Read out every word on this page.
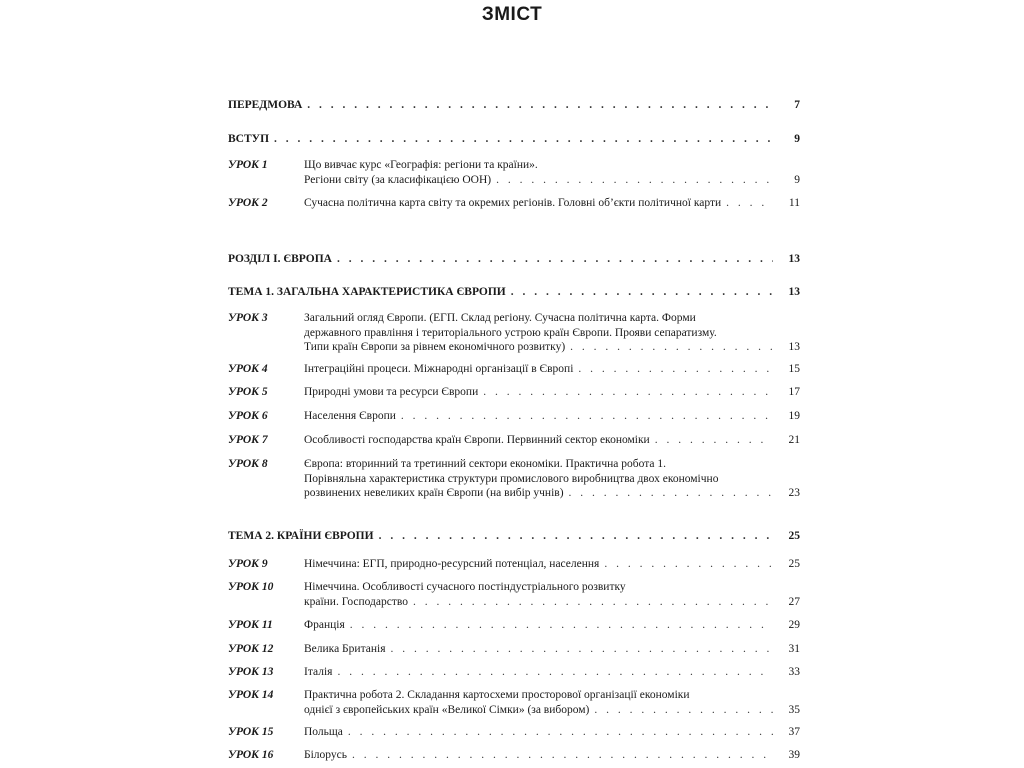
ЗМІСТ
ПЕРЕДМОВА . . .	7
ВСТУП . . .	9
УРОК 1	Що вивчає курс «Географія: регіони та країни».
Регіони світу (за класифікацією ООН) . . .	9
УРОК 2	Сучасна політична карта світу та окремих регіонів. Головні об’єкти політичної карти . . .	11
РОЗДІЛ І. ЄВРОПА . . .	13
ТЕМА 1. ЗАГАЛЬНА ХАРАКТЕРИСТИКА ЄВРОПИ . . .	13
УРОК 3	Загальний огляд Європи. (ЕГП. Склад регіону. Сучасна політична карта. Форми
державного правління і територіального устрою країн Європи. Прояви сепаратизму.
Типи країн Європи за рівнем економічного розвитку) . . .	13
УРОК 4	Інтеграційні процеси. Міжнародні організації в Європі . . .	15
УРОК 5	Природні умови та ресурси Європи . . .	17
УРОК 6	Населення Європи . . .	19
УРОК 7	Особливості господарства країн Європи. Первинний сектор економіки . . .	21
УРОК 8	Європа: вторинний та третинний сектори економіки. Практична робота 1.
Порівняльна характеристика структури промислового виробництва двох економічно
розвинених невеликих країн Європи (на вибір учнів) . . .	23
ТЕМА 2. КРАЇНИ ЄВРОПИ . . .	25
УРОК 9	Німеччина: ЕГП, природно-ресурсний потенціал, населення . . .	25
УРОК 10	Німеччина. Особливості сучасного постіндустріального розвитку
країни. Господарство . . .	27
УРОК 11	Франція . . .	29
УРОК 12	Велика Британія . . .	31
УРОК 13	Італія . . .	33
УРОК 14	Практична робота 2. Складання картосхеми просторової організації економіки
однієї з європейських країн «Великої Сімки» (за вибором) . . .	35
УРОК 15	Польща . . .	37
УРОК 16	Білорусь . . .	39
